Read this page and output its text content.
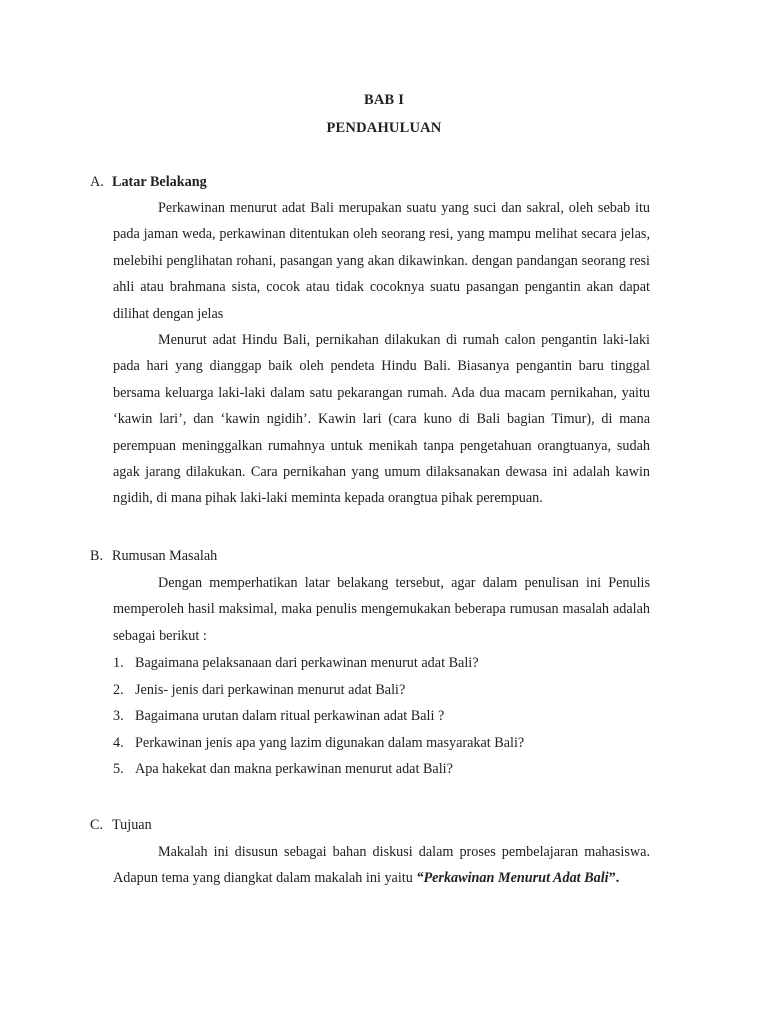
BAB I
PENDAHULUAN
A. Latar Belakang

Perkawinan menurut adat Bali merupakan suatu yang suci dan sakral, oleh sebab itu pada jaman weda, perkawinan ditentukan oleh seorang resi, yang mampu melihat secara jelas, melebihi penglihatan rohani, pasangan yang akan dikawinkan. dengan pandangan seorang resi ahli atau brahmana sista, cocok atau tidak cocoknya suatu pasangan pengantin akan dapat dilihat dengan jelas

Menurut adat Hindu Bali, pernikahan dilakukan di rumah calon pengantin laki-laki pada hari yang dianggap baik oleh pendeta Hindu Bali. Biasanya pengantin baru tinggal bersama keluarga laki-laki dalam satu pekarangan rumah. Ada dua macam pernikahan, yaitu ‘kawin lari’, dan ‘kawin ngidih’. Kawin lari (cara kuno di Bali bagian Timur), di mana perempuan meninggalkan rumahnya untuk menikah tanpa pengetahuan orangtuanya, sudah agak jarang dilakukan. Cara pernikahan yang umum dilaksanakan dewasa ini adalah kawin ngidih, di mana pihak laki-laki meminta kepada orangtua pihak perempuan.

B. Rumusan Masalah

Dengan memperhatikan latar belakang tersebut, agar dalam penulisan ini Penulis memperoleh hasil maksimal, maka penulis mengemukakan beberapa rumusan masalah adalah sebagai berikut :

1. Bagaimana pelaksanaan dari perkawinan menurut adat Bali?
2. Jenis- jenis dari perkawinan menurut adat Bali?
3. Bagaimana urutan dalam ritual perkawinan adat Bali ?
4. Perkawinan jenis apa yang lazim digunakan dalam masyarakat Bali?
5. Apa hakekat dan makna perkawinan menurut adat Bali?
C. Tujuan

Makalah ini disusun sebagai bahan diskusi dalam proses pembelajaran mahasiswa. Adapun tema yang diangkat dalam makalah ini yaitu “Perkawinan Menurut Adat Bali”.
